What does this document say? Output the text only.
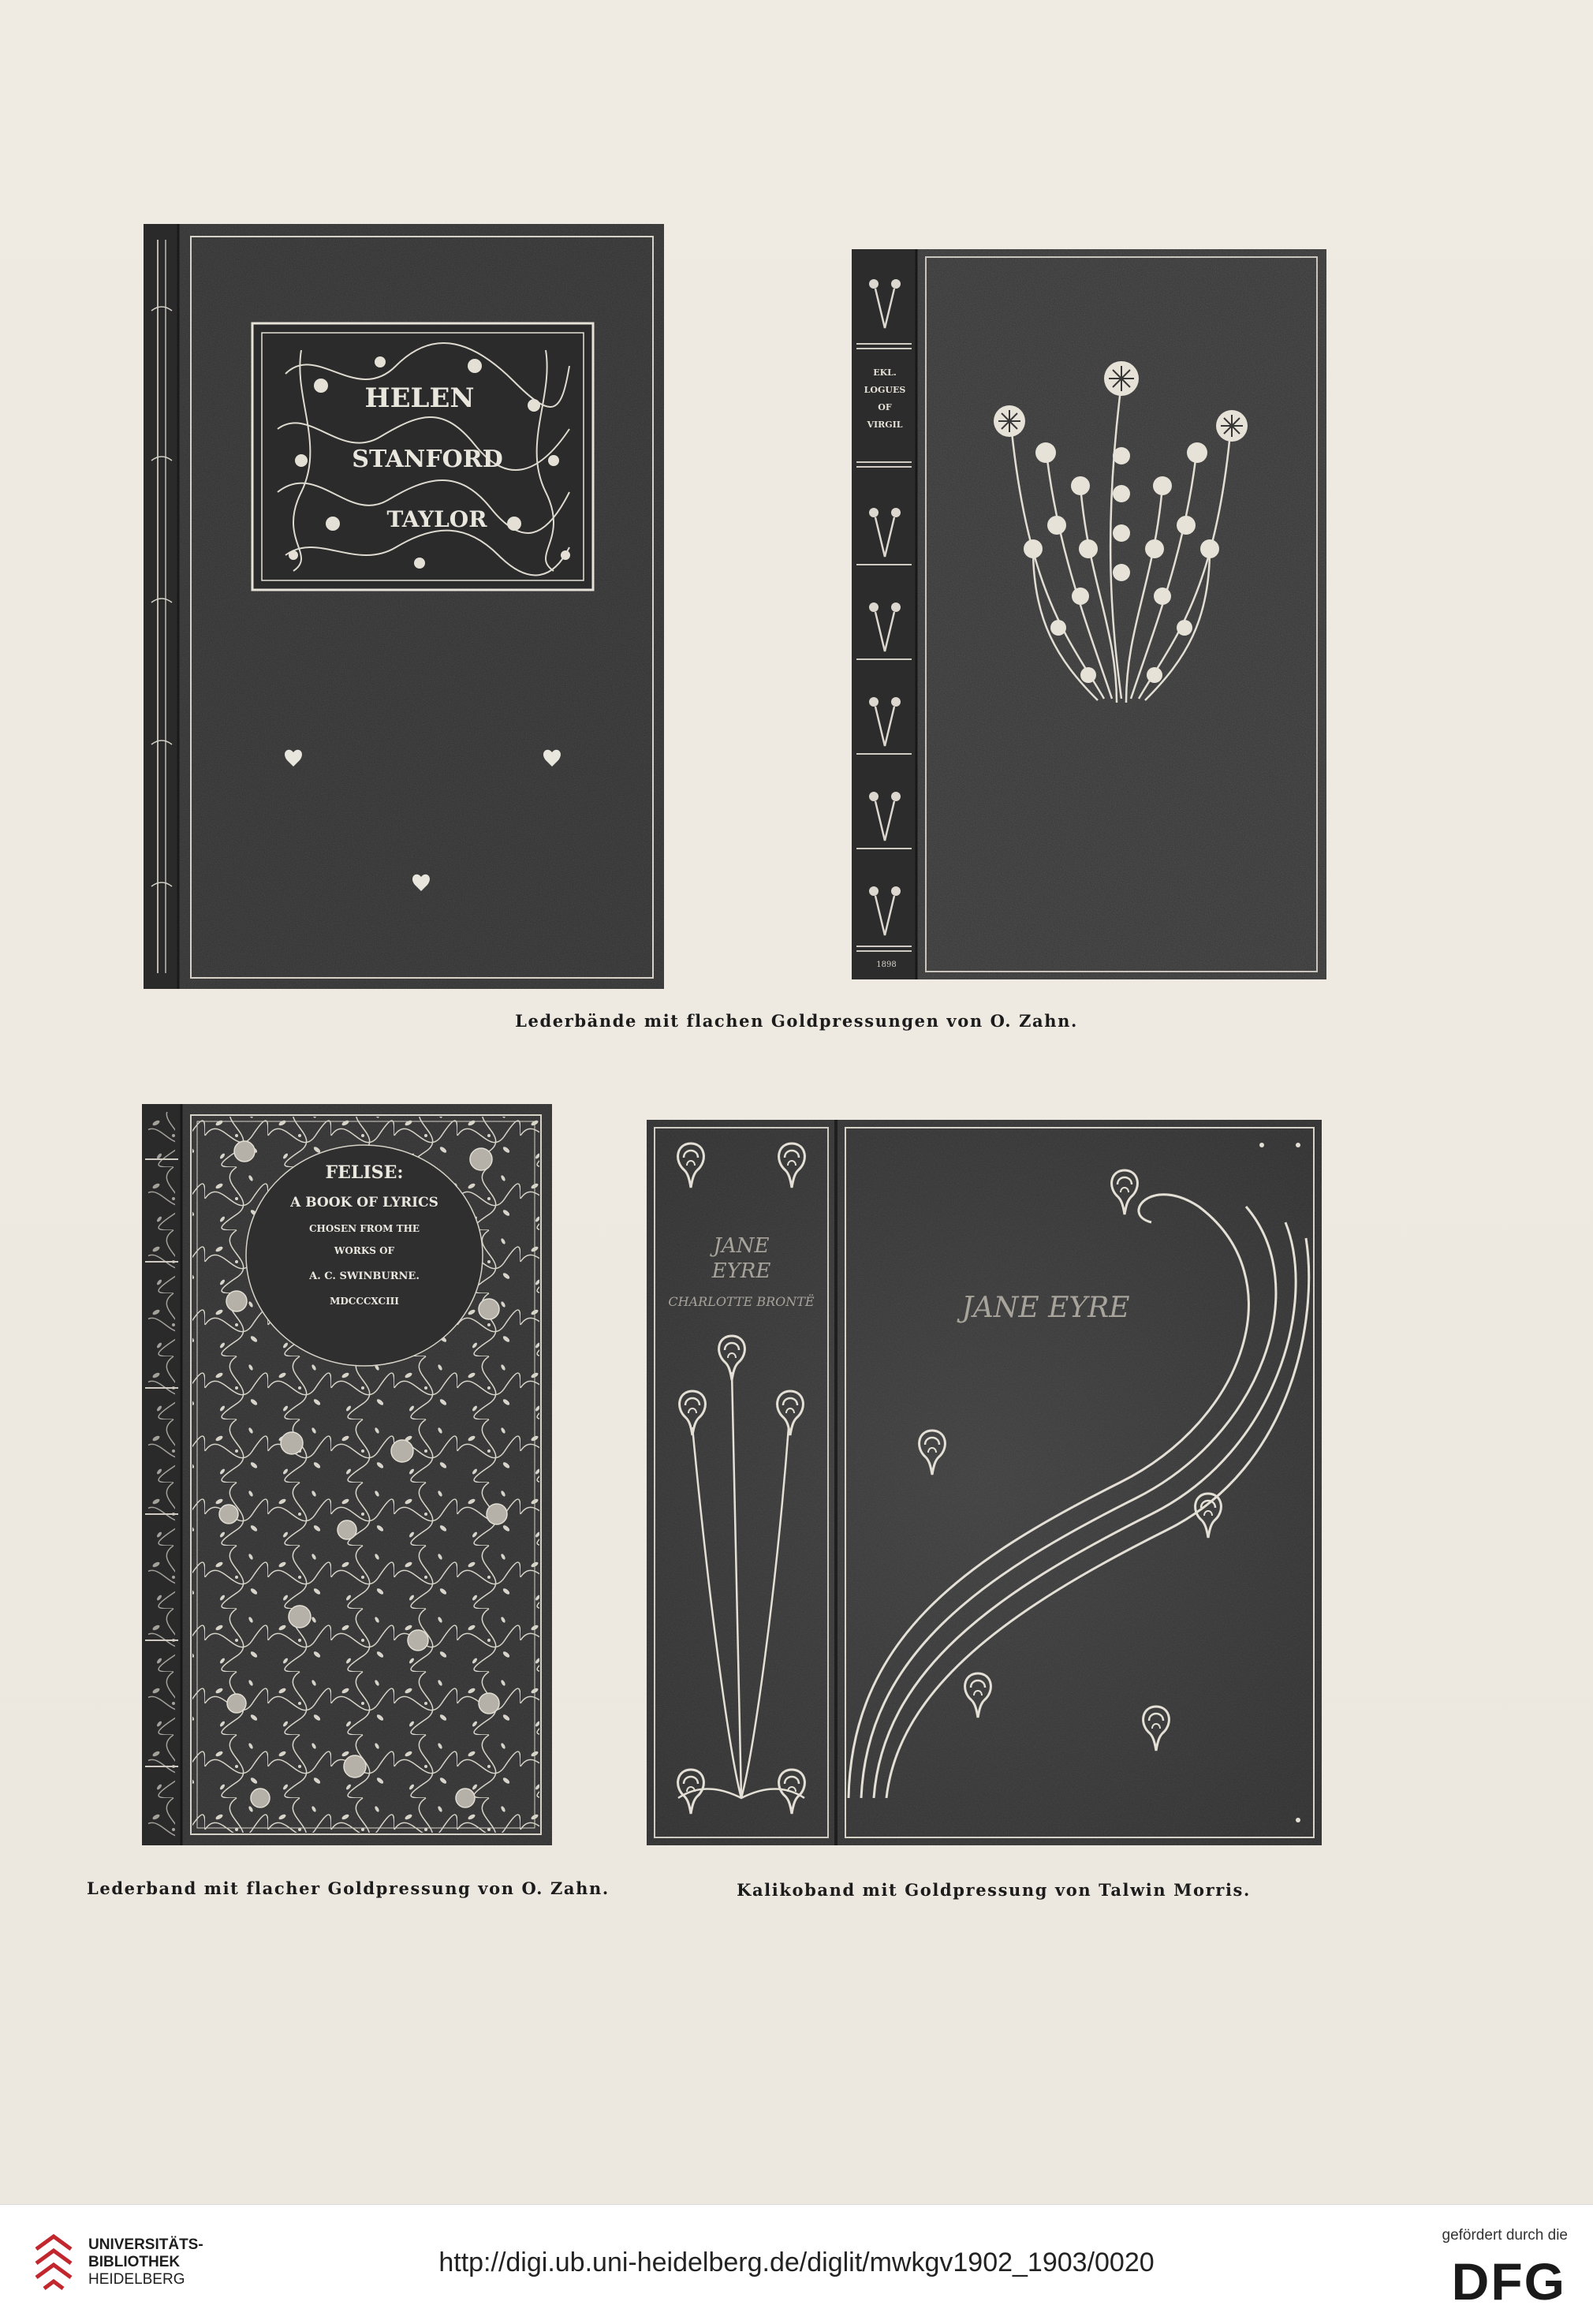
HELEN
STANFORD
TAYLOR
EKL.
LOGUES
OF
VIRGIL
1898
Lederbände mit flachen Goldpressungen von O. Zahn.
FELISE:
A BOOK OF LYRICS
CHOSEN FROM THE
WORKS OF
A. C. SWINBURNE.
MDCCCXCIII
JANE
EYRE
CHARLOTTE BRONTË	JANE EYRE
Lederband mit flacher Goldpressung von O. Zahn.	Kalikoband mit Goldpressung von Talwin Morris.
UNIVERSITÄTS-
BIBLIOTHEK
HEIDELBERG
http://digi.ub.uni-heidelberg.de/diglit/mwkgv1902_1903/0020
gefördert durch die
DFG
